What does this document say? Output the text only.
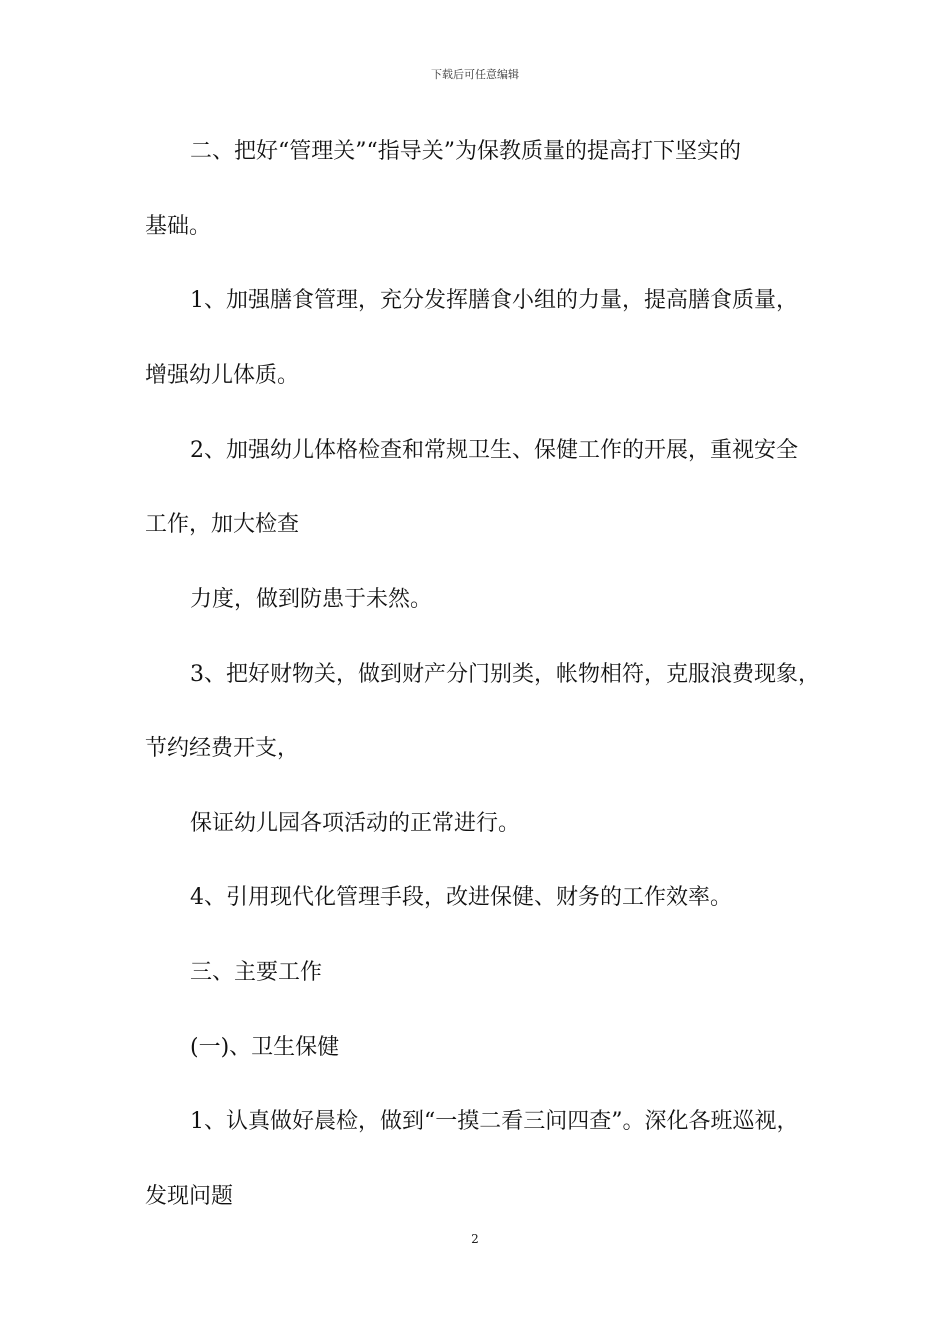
下载后可任意编辑
二、把好“管理关”“指导关”为保教质量的提高打下坚实的
基础。
1、加强膳食管理，充分发挥膳食小组的力量，提高膳食质量，
增强幼儿体质。
2、加强幼儿体格检查和常规卫生、保健工作的开展，重视安全
工作，加大检查
力度，做到防患于未然。
3、把好财物关，做到财产分门别类，帐物相符，克服浪费现象，
节约经费开支，
保证幼儿园各项活动的正常进行。
4、引用现代化管理手段，改进保健、财务的工作效率。
三、主要工作
(一)、卫生保健
1、认真做好晨检，做到“一摸二看三问四查”。深化各班巡视，
发现问题
2
